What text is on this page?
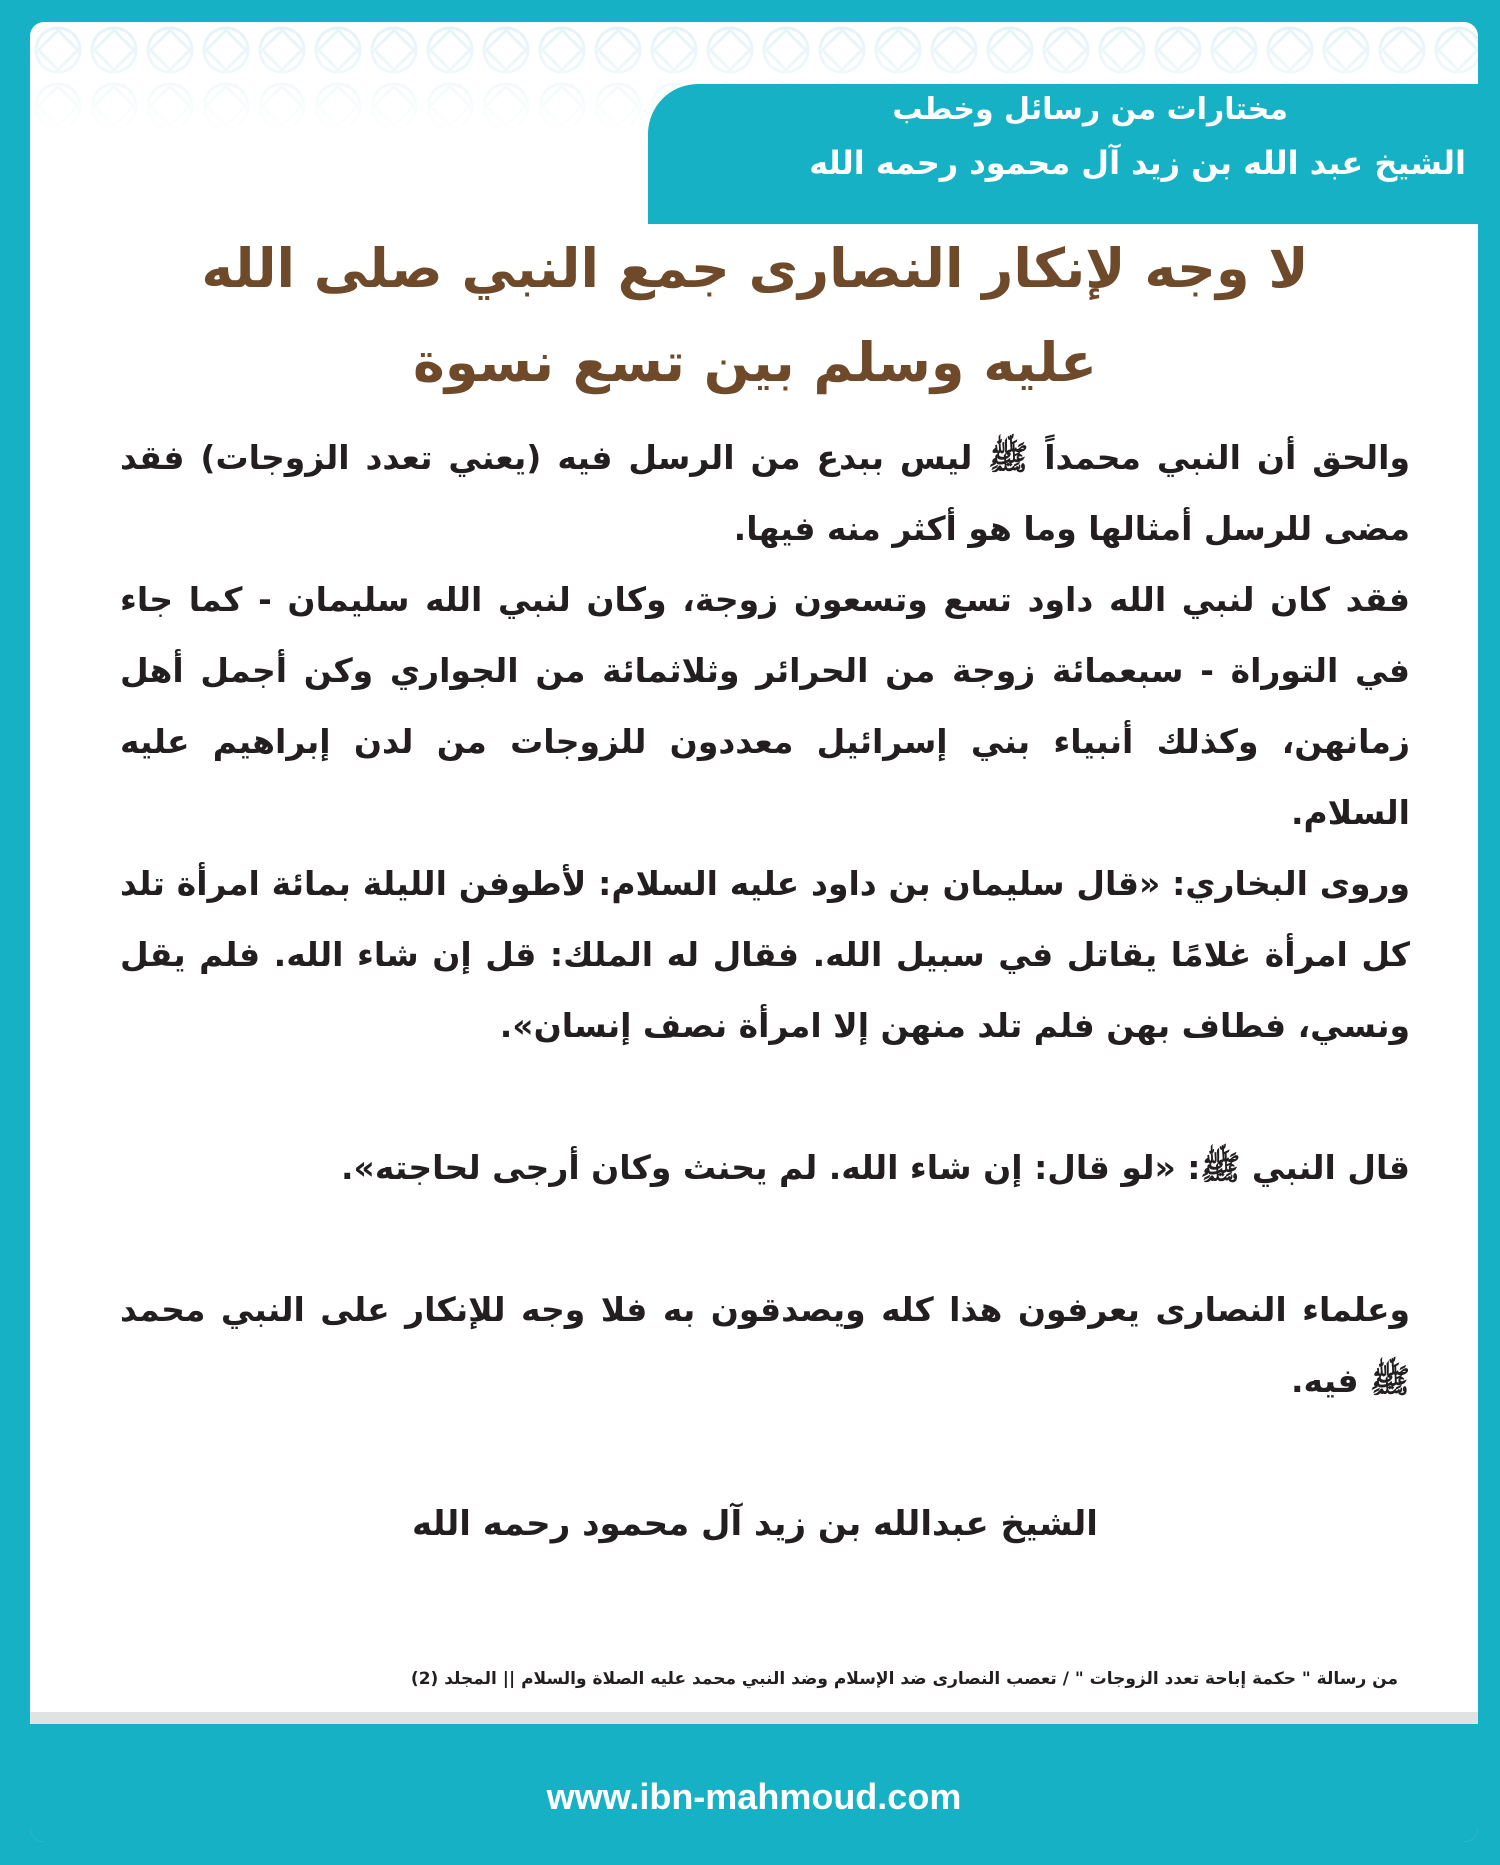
مختارات من رسائل وخطب
الشيخ عبد الله بن زيد آل محمود رحمه الله
لا وجه لإنكار النصارى جمع النبي صلى الله
عليه وسلم بين تسع نسوة

والحق أن النبي محمداً ﷺ ليس ببدع من الرسل فيه (يعني تعدد الزوجات) فقد مضى للرسل أمثالها وما هو أكثر منه فيها.

فقد كان لنبي الله داود تسع وتسعون زوجة، وكان لنبي الله سليمان - كما جاء في التوراة - سبعمائة زوجة من الحرائر وثلاثمائة من الجواري وكن أجمل أهل زمانهن، وكذلك أنبياء بني إسرائيل معددون للزوجات من لدن إبراهيم عليه السلام.

وروى البخاري: «قال سليمان بن داود عليه السلام: لأطوفن الليلة بمائة امرأة تلد كل امرأة غلامًا يقاتل في سبيل الله. فقال له الملك: قل إن شاء الله. فلم يقل ونسي، فطاف بهن فلم تلد منهن إلا امرأة نصف إنسان».

قال النبي ﷺ: «لو قال: إن شاء الله. لم يحنث وكان أرجى لحاجته».

وعلماء النصارى يعرفون هذا كله ويصدقون به فلا وجه للإنكار على النبي محمد ﷺ فيه.

الشيخ عبدالله بن زيد آل محمود رحمه الله
من رسالة " حكمة إباحة تعدد الزوجات " / تعصب النصارى ضد الإسلام وضد النبي محمد عليه الصلاة والسلام || المجلد (2)
www.ibn-mahmoud.com
